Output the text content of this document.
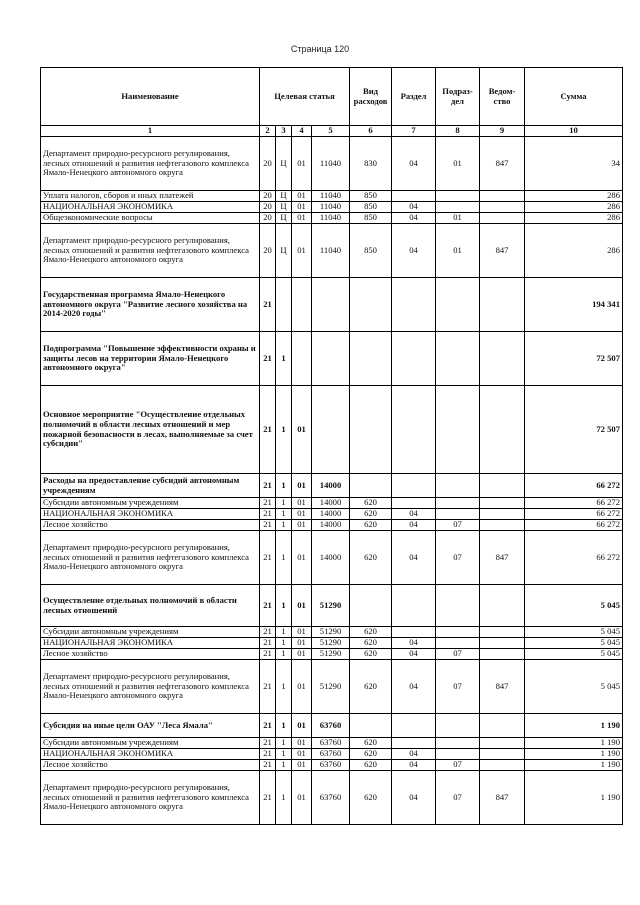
Страница 120
Наименование	Целевая статья				Вид расходов	Раздел	Подраз- дел	Ведом- ство	Сумма
1	2	3	4	5	6	7	8	9	10
Департамент природно-ресурсного регулирования, лесных отношений и развития нефтегазового комплекса Ямало-Ненецкого автономного округа	20	Ц	01	11040	830	04	01	847	34
Уплата налогов, сборов и иных платежей	20	Ц	01	11040	850				286
НАЦИОНАЛЬНАЯ ЭКОНОМИКА	20	Ц	01	11040	850	04			286
Общеэкономические вопросы	20	Ц	01	11040	850	04	01		286
Департамент природно-ресурсного регулирования, лесных отношений и развития нефтегазового комплекса Ямало-Ненецкого автономного округа	20	Ц	01	11040	850	04	01	847	286
Государственная программа Ямало-Ненецкого автономного округа "Развитие лесного хозяйства на 2014-2020 годы"	21								194 341
Подпрограмма "Повышение эффективности охраны и защиты лесов на территории Ямало-Ненецкого автономного округа"	21	1							72 507
Основное мероприятие "Осуществление отдельных полномочий в области лесных отношений и мер пожарной безопасности в лесах, выполняемые за счет субсидии"	21	1	01						72 507
Расходы на предоставление субсидий автономным учреждениям	21	1	01	14000					66 272
Субсидии автономным учреждениям	21	1	01	14000	620				66 272
НАЦИОНАЛЬНАЯ ЭКОНОМИКА	21	1	01	14000	620	04			66 272
Лесное хозяйство	21	1	01	14000	620	04	07		66 272
Департамент природно-ресурсного регулирования, лесных отношений и развития нефтегазового комплекса Ямало-Ненецкого автономного округа	21	1	01	14000	620	04	07	847	66 272
Осуществление отдельных полномочий в области лесных отношений	21	1	01	51290					5 045
Субсидии автономным учреждениям	21	1	01	51290	620				5 045
НАЦИОНАЛЬНАЯ ЭКОНОМИКА	21	1	01	51290	620	04			5 045
Лесное хозяйство	21	1	01	51290	620	04	07		5 045
Департамент природно-ресурсного регулирования, лесных отношений и развития нефтегазового комплекса Ямало-Ненецкого автономного округа	21	1	01	51290	620	04	07	847	5 045
Субсидия на иные цели ОАУ "Леса Ямала"	21	1	01	63760					1 190
Субсидии автономным учреждениям	21	1	01	63760	620				1 190
НАЦИОНАЛЬНАЯ ЭКОНОМИКА	21	1	01	63760	620	04			1 190
Лесное хозяйство	21	1	01	63760	620	04	07		1 190
Департамент природно-ресурсного регулирования, лесных отношений и развития нефтегазового комплекса Ямало-Ненецкого автономного округа	21	1	01	63760	620	04	07	847	1 190
